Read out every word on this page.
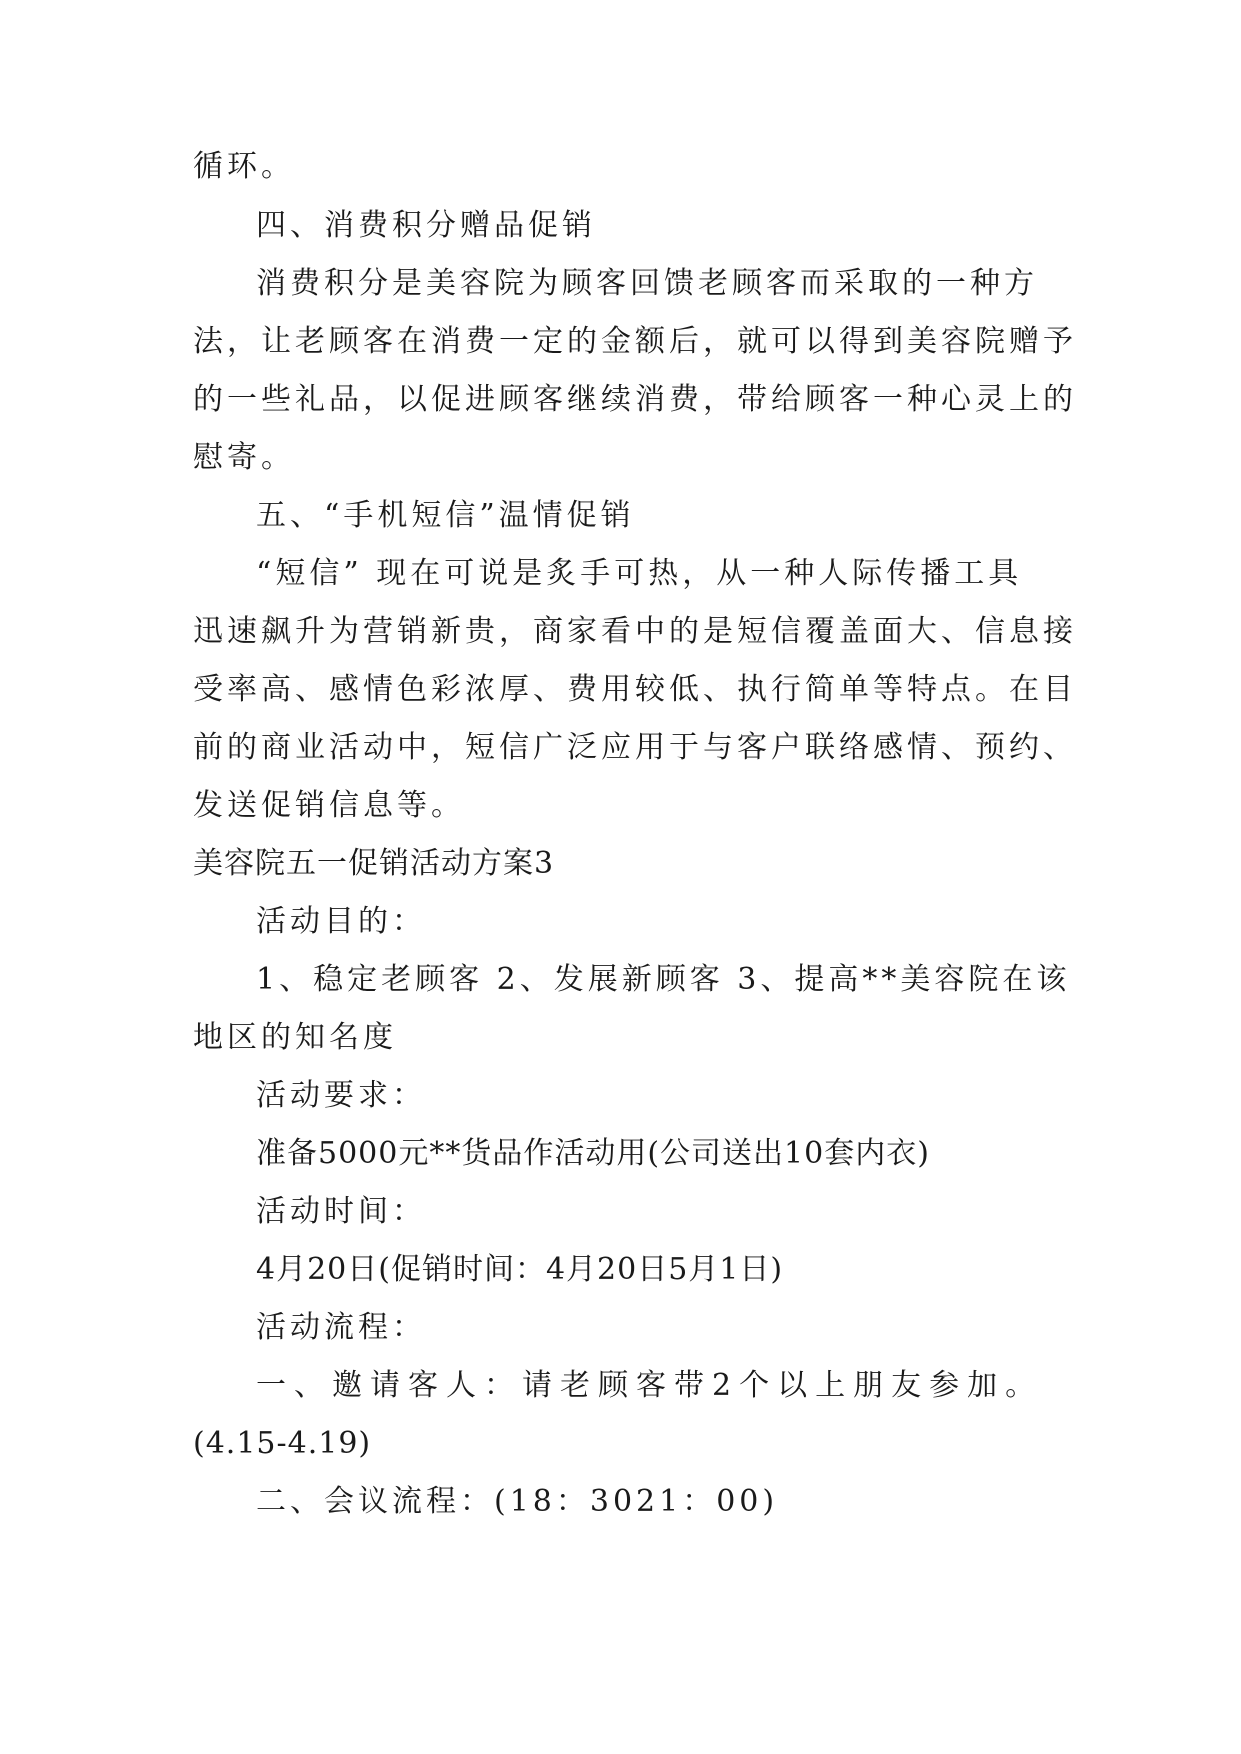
循环。
四、消费积分赠品促销
消费积分是美容院为顾客回馈老顾客而采取的一种方
法，让老顾客在消费一定的金额后，就可以得到美容院赠予
的一些礼品，以促进顾客继续消费，带给顾客一种心灵上的
慰寄。
五、“手机短信”温情促销
“短信” 现在可说是炙手可热，从一种人际传播工具
迅速飙升为营销新贵，商家看中的是短信覆盖面大、信息接
受率高、感情色彩浓厚、费用较低、执行简单等特点。在目
前的商业活动中，短信广泛应用于与客户联络感情、预约、
发送促销信息等。
美容院五一促销活动方案3
活动目的：
1、稳定老顾客 2、发展新顾客 3、提高**美容院在该
地区的知名度
活动要求：
准备5000元**货品作活动用(公司送出10套内衣)
活动时间：
4月20日(促销时间：4月20日5月1日)
活动流程：
一、邀请客人：请老顾客带2个以上朋友参加。
(4.15-4.19)
二、会议流程：(18：3021：00)
